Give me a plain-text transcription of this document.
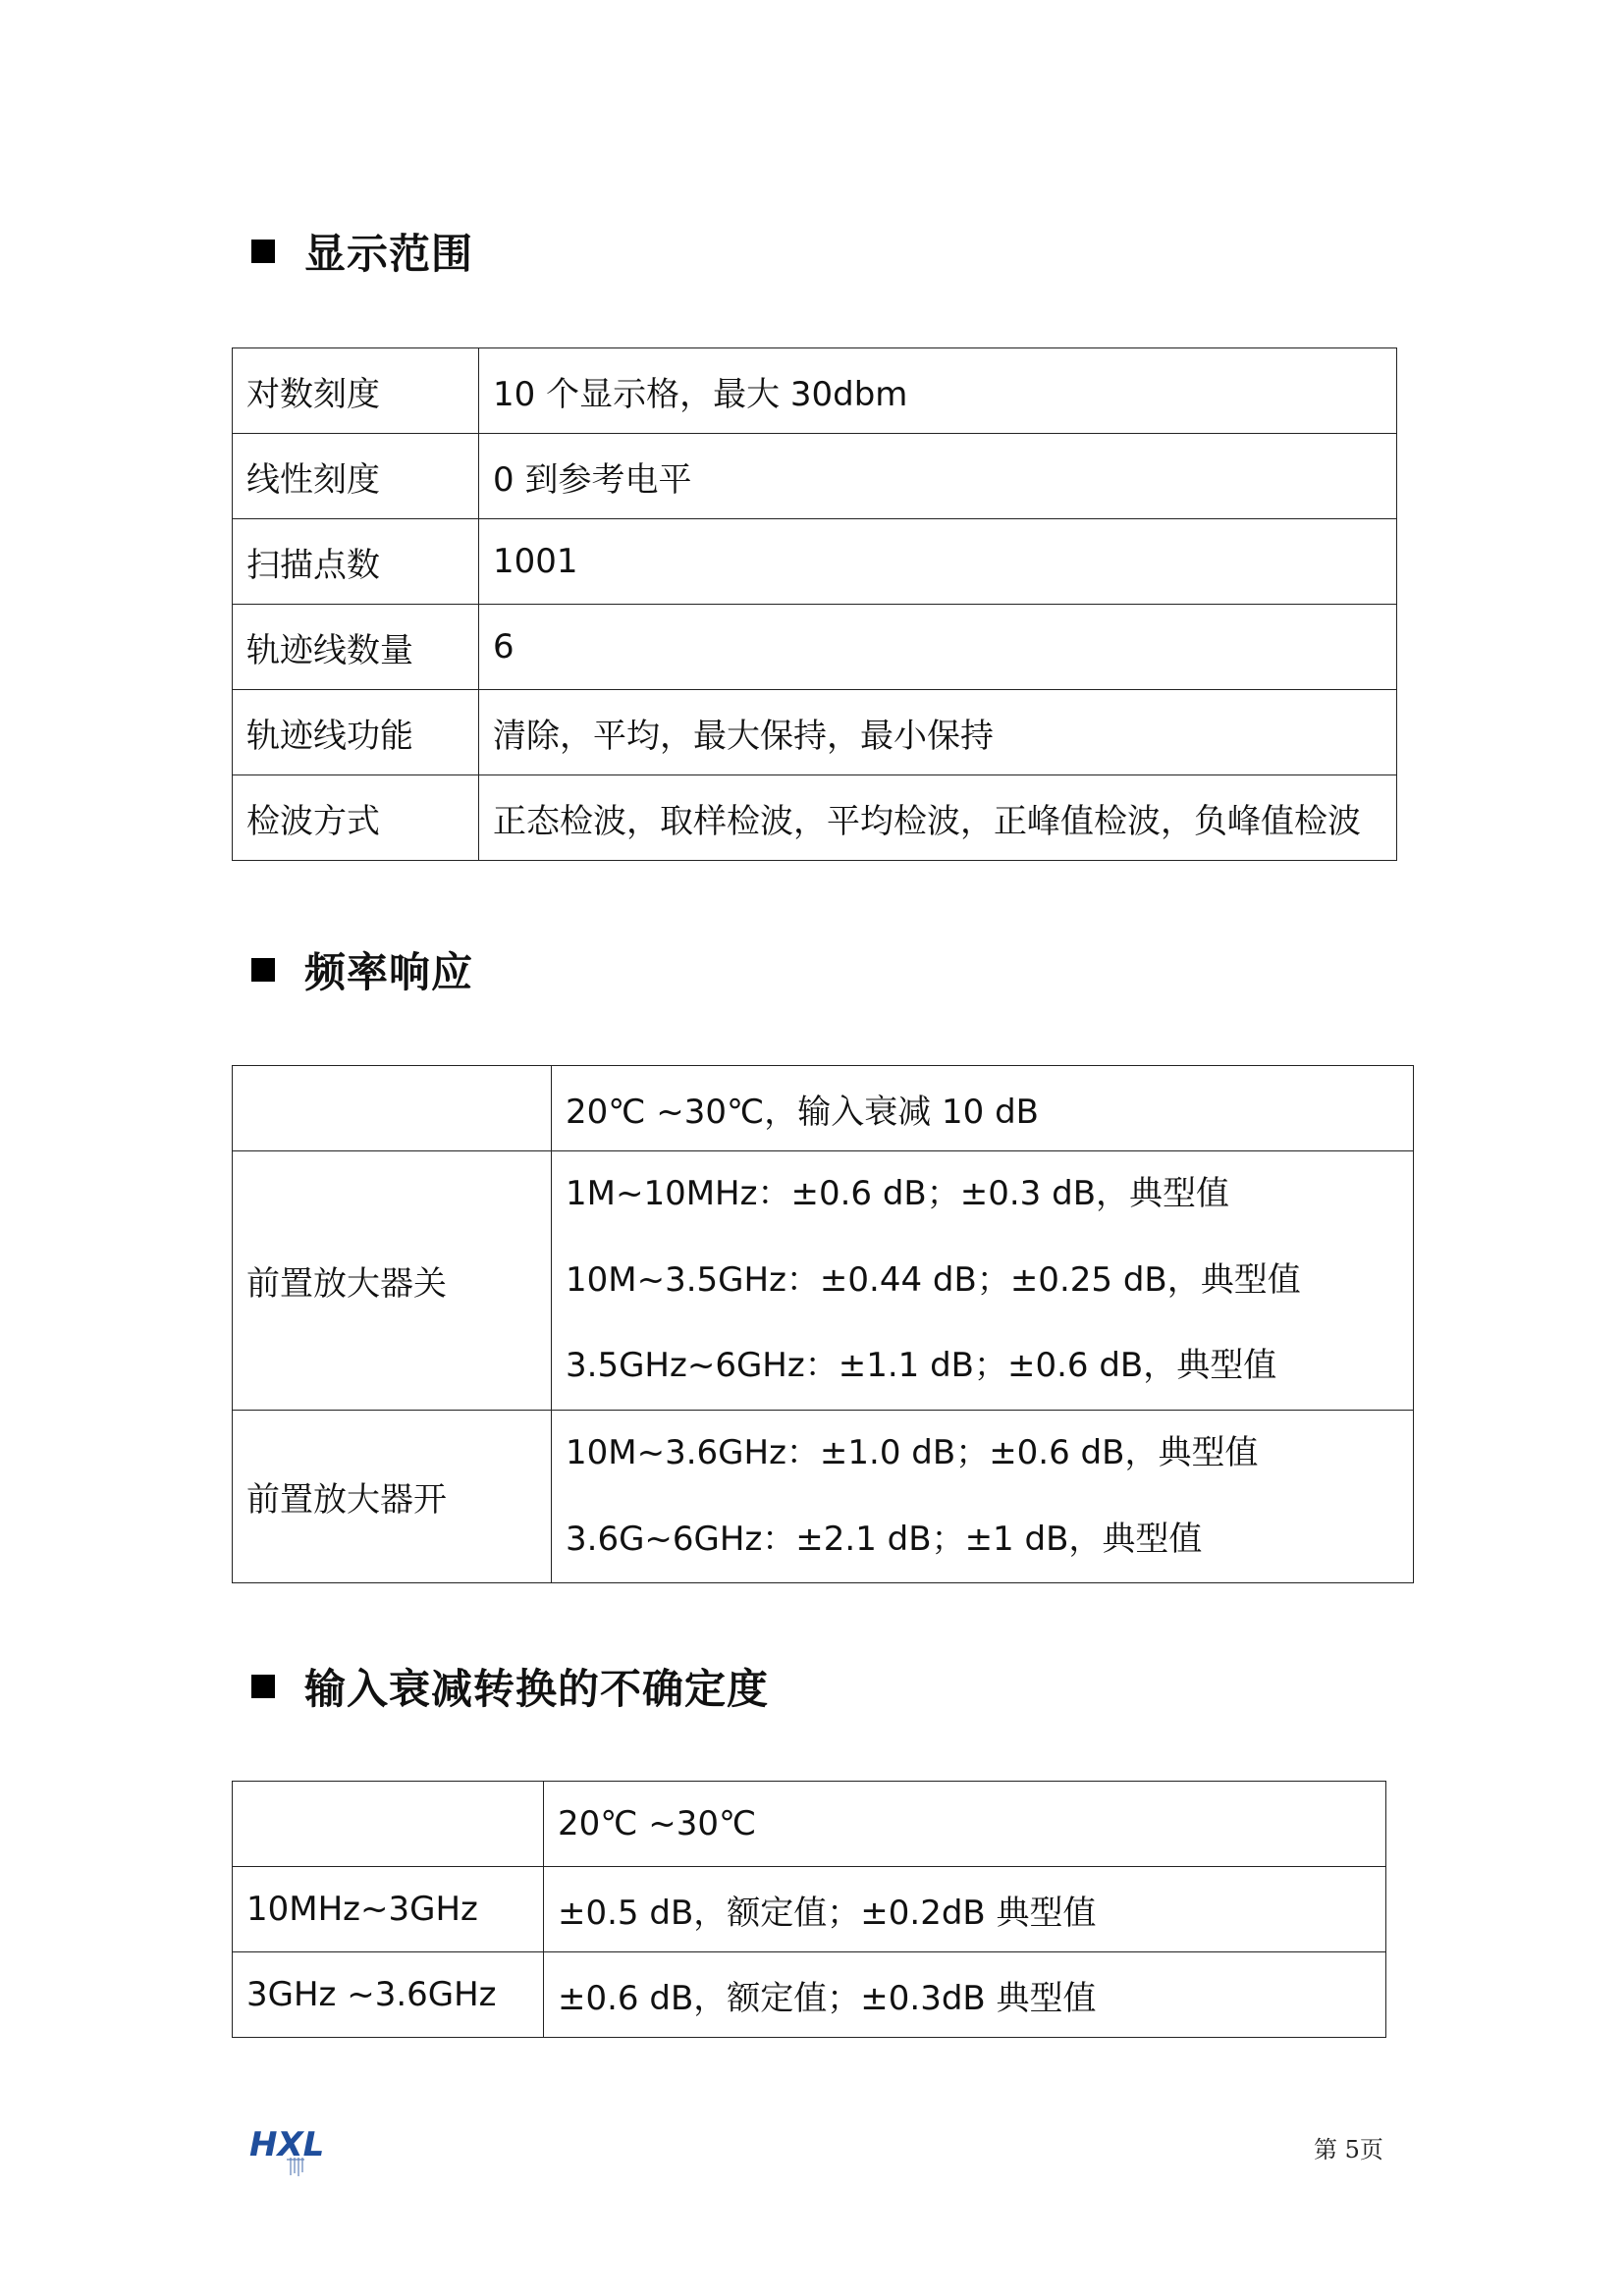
显示范围
对数刻度	10 个显示格，最大 30dbm
线性刻度	0 到参考电平
扫描点数	1001
轨迹线数量	6
轨迹线功能	清除，平均，最大保持，最小保持
检波方式	正态检波，取样检波，平均检波，正峰值检波，负峰值检波
频率响应
	20℃ ~30℃，输入衰减 10 dB
前置放大器关	1M~10MHz：±0.6 dB；±0.3 dB，典型值
10M~3.5GHz：±0.44 dB；±0.25 dB，典型值
3.5GHz~6GHz：±1.1 dB；±0.6 dB，典型值

前置放大器开	10M~3.6GHz：±1.0 dB；±0.6 dB，典型值
3.6G~6GHz：±2.1 dB；±1 dB，典型值
输入衰减转换的不确定度
	20℃ ~30℃
10MHz~3GHz	±0.5 dB，额定值；±0.2dB 典型值
3GHz ~3.6GHz	±0.6 dB，额定值；±0.3dB 典型值
HXL	第 5页
